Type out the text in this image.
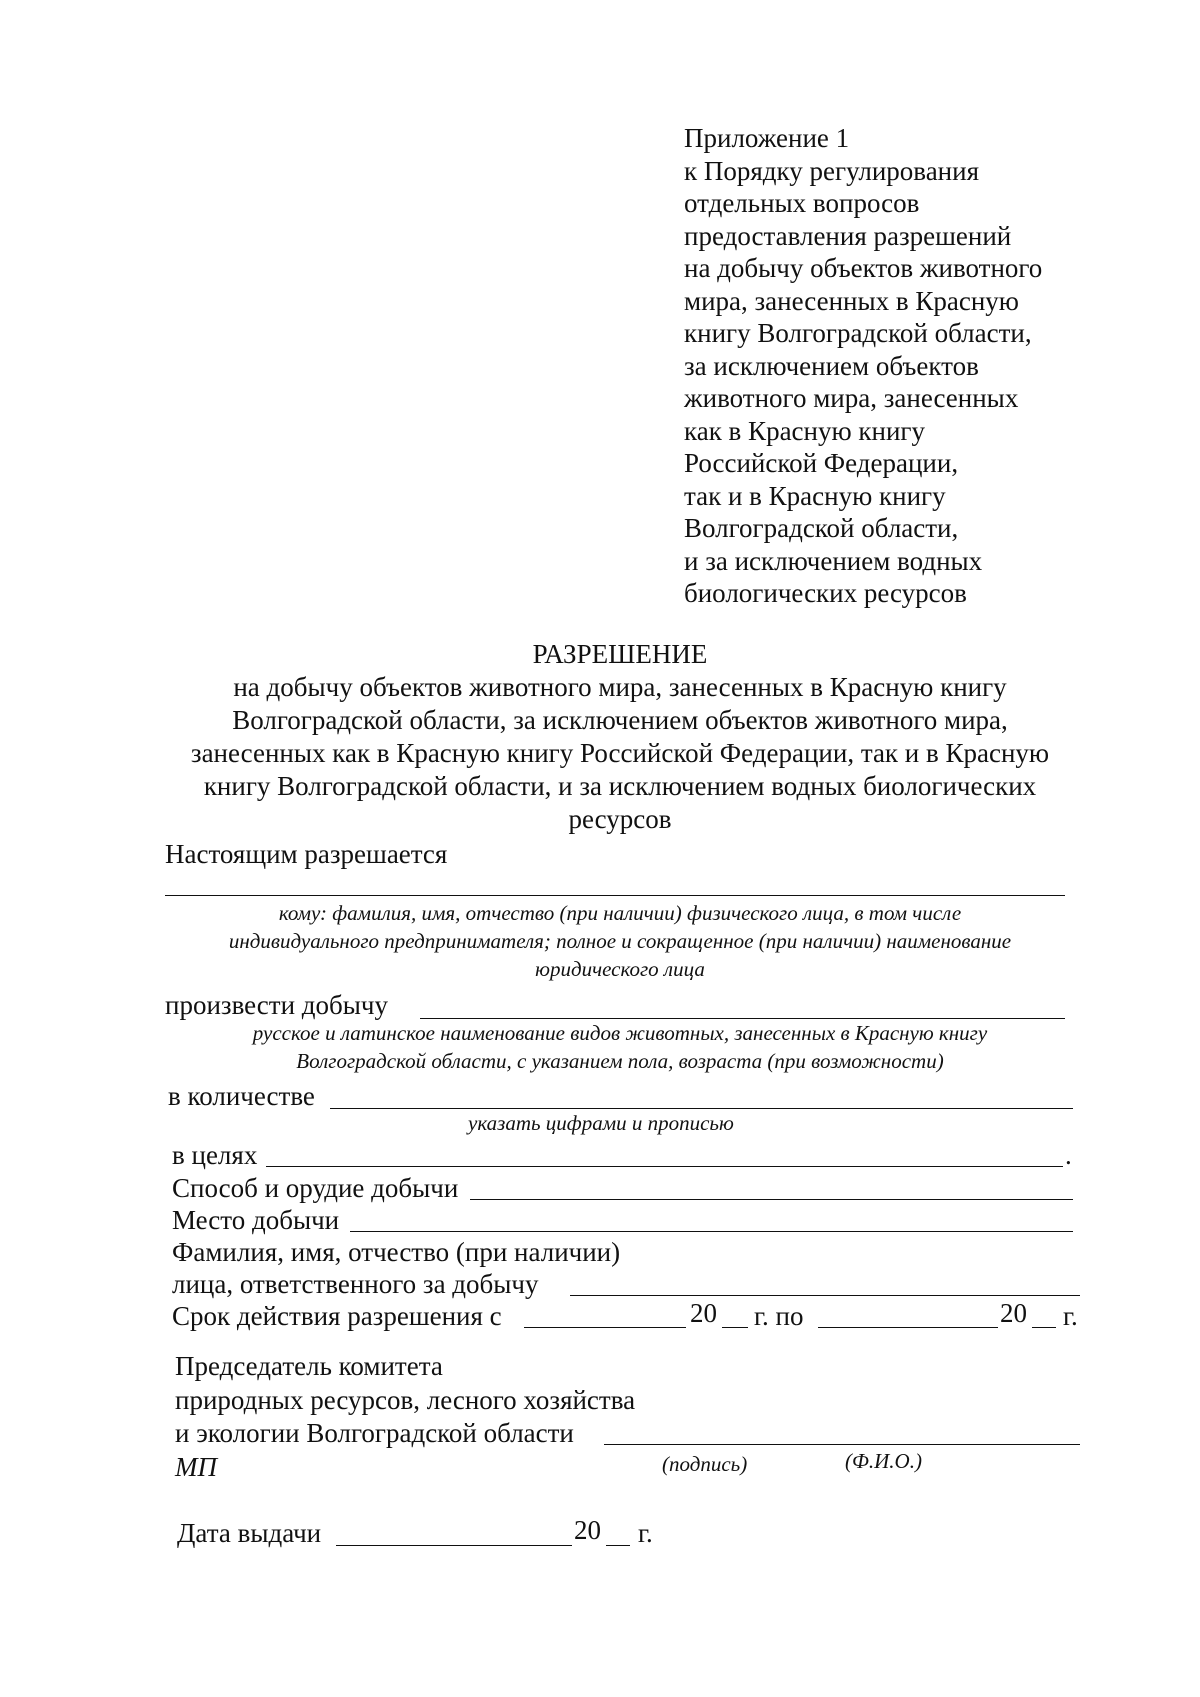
Приложение 1
к Порядку регулирования
отдельных вопросов
предоставления разрешений
на добычу объектов животного
мира, занесенных в Красную
книгу Волгоградской области,
за исключением объектов
животного мира, занесенных
как в Красную книгу
Российской Федерации,
так и в Красную книгу
Волгоградской области,
и за исключением водных
биологических ресурсов
РАЗРЕШЕНИЕ
на добычу объектов животного мира, занесенных в Красную книгу
Волгоградской области, за исключением объектов животного мира,
занесенных как в Красную книгу Российской Федерации, так и в Красную
книгу Волгоградской области, и за исключением водных биологических
ресурсов
Настоящим разрешается
кому: фамилия, имя, отчество (при наличии) физического лица, в том числе
индивидуального предпринимателя; полное и сокращенное (при наличии) наименование
юридического лица
произвести добычу
русское и латинское наименование видов животных, занесенных в Красную книгу
Волгоградской области, с указанием пола, возраста (при возможности)
в количестве
указать цифрами и прописью
в целях	.
Способ и орудие добычи
Место добычи
Фамилия, имя, отчество (при наличии)
лица, ответственного за добычу
Срок действия разрешения с	20 г. по	20 г.
Председатель комитета
природных ресурсов, лесного хозяйства
и экологии Волгоградской области
МП	(подпись)	(Ф.И.О.)
Дата выдачи	20 г.
